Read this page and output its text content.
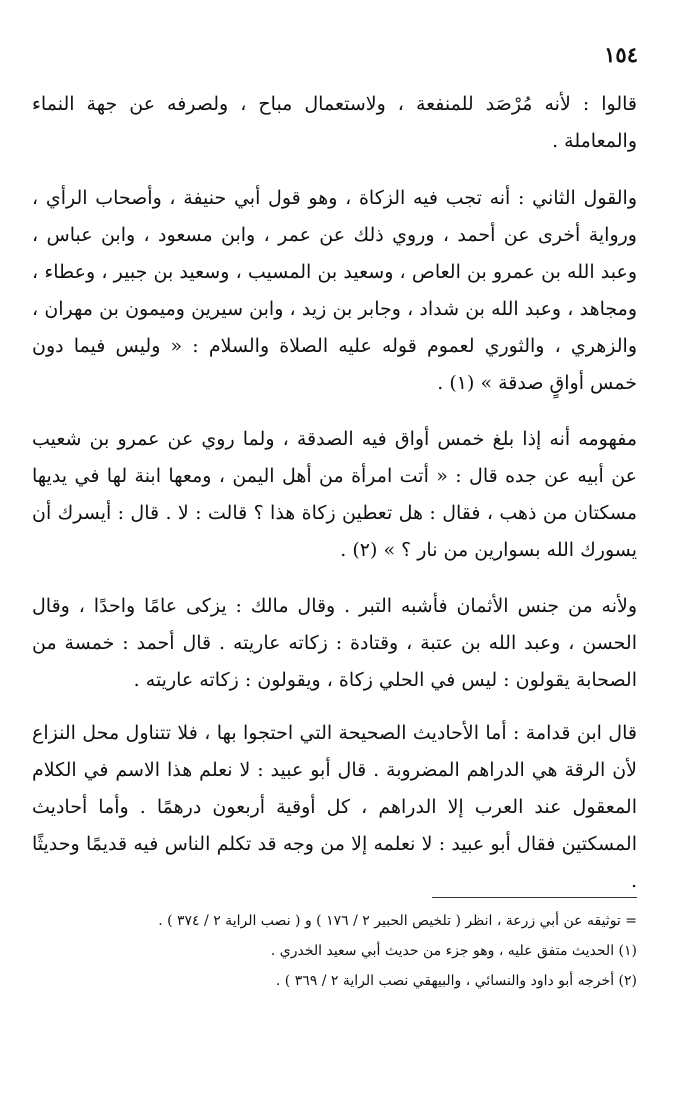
١٥٤

قالوا : لأنه مُرْصَد للمنفعة ، ولاستعمال مباح ، ولصرفه عن جهة النماء والمعاملة .

والقول الثاني : أنه تجب فيه الزكاة ، وهو قول أبي حنيفة ، وأصحاب الرأي ، ورواية أخرى عن أحمد ، وروي ذلك عن عمر ، وابن مسعود ، وابن عباس ، وعبد الله بن عمرو بن العاص ، وسعيد بن المسيب ، وسعيد بن جبير ، وعطاء ، ومجاهد ، وعبد الله بن شداد ، وجابر بن زيد ، وابن سيرين وميمون بن مهران ، والزهري ، والثوري لعموم قوله عليه الصلاة والسلام : « وليس فيما دون خمس أواقٍ صدقة » (١) .

مفهومه أنه إذا بلغ خمس أواق فيه الصدقة ، ولما روي عن عمرو بن شعيب عن أبيه عن جده قال : « أتت امرأة من أهل اليمن ، ومعها ابنة لها في يديها مسكتان من ذهب ، فقال : هل تعطين زكاة هذا ؟ قالت : لا . قال : أيسرك أن يسورك الله بسوارين من نار ؟ » (٢) .

ولأنه من جنس الأثمان فأشبه التبر . وقال مالك : يزكى عامًا واحدًا ، وقال الحسن ، وعبد الله بن عتبة ، وقتادة : زكاته عاريته . قال أحمد : خمسة من الصحابة يقولون : ليس في الحلي زكاة ، ويقولون : زكاته عاريته .

قال ابن قدامة : أما الأحاديث الصحيحة التي احتجوا بها ، فلا تتناول محل النزاع لأن الرقة هي الدراهم المضروبة . قال أبو عبيد : لا نعلم هذا الاسم في الكلام المعقول عند العرب إلا الدراهم ، كل أوقية أربعون درهمًا . وأما أحاديث المسكتين فقال أبو عبيد : لا نعلمه إلا من وجه قد تكلم الناس فيه قديمًا وحديثًا .

= توثيقه عن أبي زرعة ، انظر ( تلخيص الحبير ٢ / ١٧٦ ) و ( نصب الراية ٢ / ٣٧٤ ) .

(١) الحديث متفق عليه ، وهو جزء من حديث أبي سعيد الخدري .

(٢) أخرجه أبو داود والنسائي ، والبيهقي نصب الراية ٢ / ٣٦٩ ) .
